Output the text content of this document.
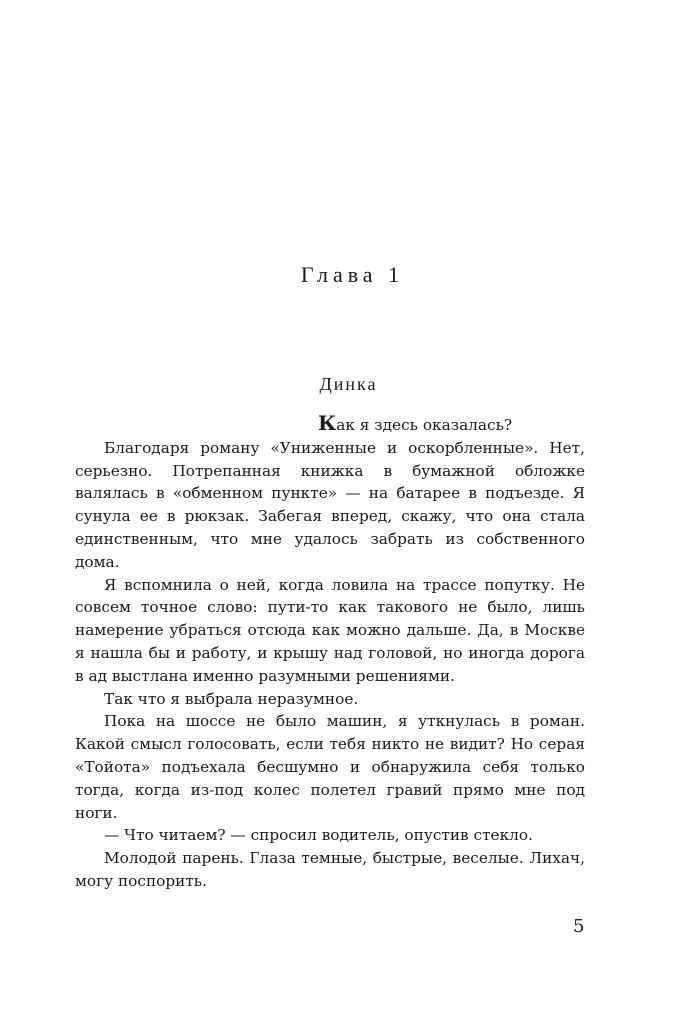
Глава 1
Динка

Как я здесь оказалась?

Благодаря роману «Униженные и оскорбленные». Нет, серьезно. Потрепанная книжка в бумажной обложке валялась в «обменном пункте» — на батарее в подъезде. Я сунула ее в рюкзак. Забегая вперед, скажу, что она стала единственным, что мне удалось забрать из собственного дома.

Я вспомнила о ней, когда ловила на трассе попутку. Не совсем точное слово: пути-то как такового не было, лишь намерение убраться отсюда как можно дальше. Да, в Москве я нашла бы и работу, и крышу над головой, но иногда дорога в ад выстлана именно разумными решениями.

Так что я выбрала неразумное.

Пока на шоссе не было машин, я уткнулась в роман. Какой смысл голосовать, если тебя никто не видит? Но серая «Тойота» подъехала бесшумно и обнаружила себя только тогда, когда из-под колес полетел гравий прямо мне под ноги.

— Что читаем? — спросил водитель, опустив стекло.

Молодой парень. Глаза темные, быстрые, веселые. Лихач, могу поспорить.

5
